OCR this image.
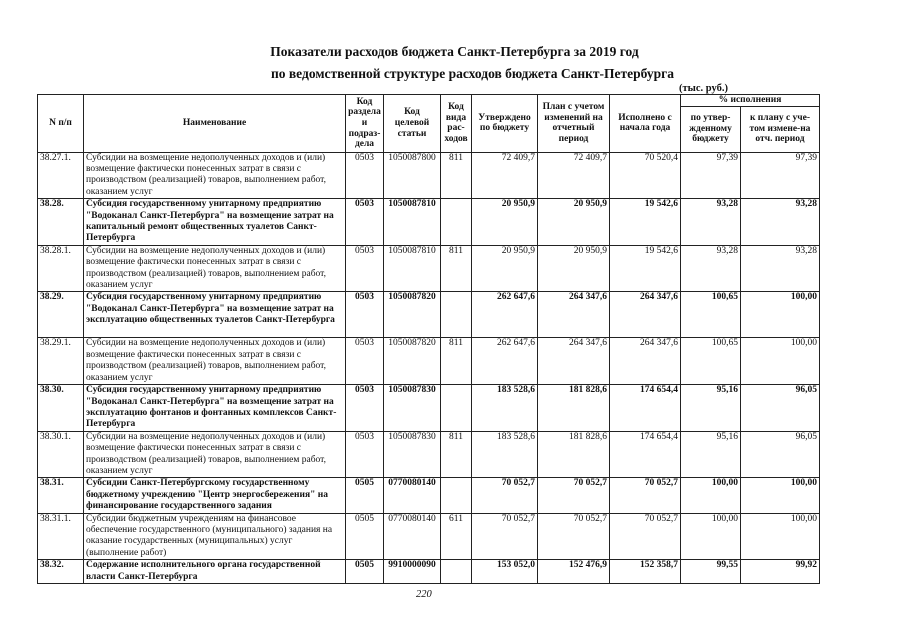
Показатели расходов бюджета Санкт-Петербурга за 2019 год
по ведомственной структуре расходов бюджета Санкт-Петербурга
(тыс. руб.)
N п/п	Наименование	Код раздела и подраз-дела	Код целевой статьи	Код вида рас-ходов	Утверждено по бюджету	План с учетом изменений на отчетный период	Исполнено с начала года	% исполнения	
								по утвер-жденному бюджету	к плану с уче-том измене-на отч. период
38.27.1.	Субсидии на возмещение недополученных доходов и (или) возмещение фактически понесенных затрат в связи с производством (реализацией) товаров, выполнением работ, оказанием услуг	0503	1050087800	811	72 409,7	72 409,7	70 520,4	97,39	97,39
38.28.	Субсидия государственному унитарному предприятию "Водоканал Санкт-Петербурга" на возмещение затрат на капитальный ремонт общественных туалетов Санкт-Петербурга	0503	1050087810		20 950,9	20 950,9	19 542,6	93,28	93,28
38.28.1.	Субсидии на возмещение недополученных доходов и (или) возмещение фактически понесенных затрат в связи с производством (реализацией) товаров, выполнением работ, оказанием услуг	0503	1050087810	811	20 950,9	20 950,9	19 542,6	93,28	93,28
38.29.	Субсидия государственному унитарному предприятию "Водоканал Санкт-Петербурга" на возмещение затрат на эксплуатацию общественных туалетов Санкт-Петербурга	0503	1050087820		262 647,6	264 347,6	264 347,6	100,65	100,00
38.29.1.	Субсидии на возмещение недополученных доходов и (или) возмещение фактически понесенных затрат в связи с производством (реализацией) товаров, выполнением работ, оказанием услуг	0503	1050087820	811	262 647,6	264 347,6	264 347,6	100,65	100,00
38.30.	Субсидия государственному унитарному предприятию "Водоканал Санкт-Петербурга" на возмещение затрат на эксплуатацию фонтанов и фонтанных комплексов Санкт-Петербурга	0503	1050087830		183 528,6	181 828,6	174 654,4	95,16	96,05
38.30.1.	Субсидии на возмещение недополученных доходов и (или) возмещение фактически понесенных затрат в связи с производством (реализацией) товаров, выполнением работ, оказанием услуг	0503	1050087830	811	183 528,6	181 828,6	174 654,4	95,16	96,05
38.31.	Субсидии Санкт-Петербургскому государственному бюджетному учреждению "Центр энергосбережения" на финансирование государственного задания	0505	0770080140		70 052,7	70 052,7	70 052,7	100,00	100,00
38.31.1.	Субсидии бюджетным учреждениям на финансовое обеспечение государственного (муниципального) задания на оказание государственных (муниципальных) услуг (выполнение работ)	0505	0770080140	611	70 052,7	70 052,7	70 052,7	100,00	100,00
38.32.	Содержание исполнительного органа государственной власти Санкт-Петербурга	0505	9910000090		153 052,0	152 476,9	152 358,7	99,55	99,92
220
